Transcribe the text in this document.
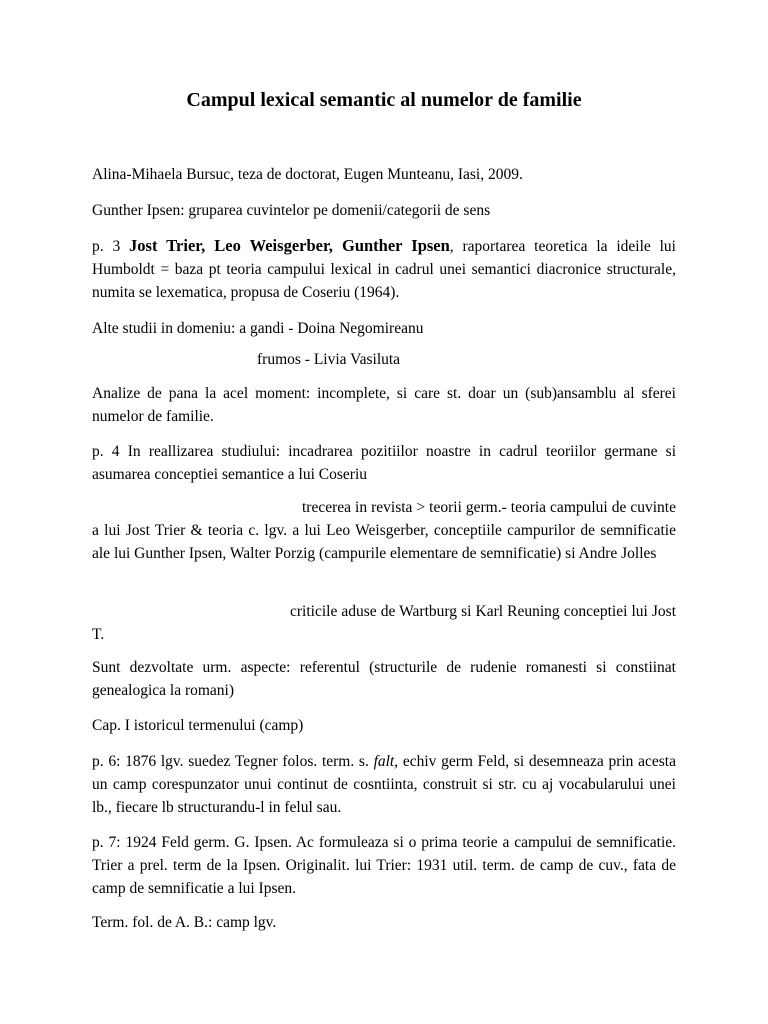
Campul lexical semantic al numelor de familie

Alina-Mihaela Bursuc, teza de doctorat, Eugen Munteanu, Iasi, 2009.

Gunther Ipsen: gruparea cuvintelor pe domenii/categorii de sens

p. 3 Jost Trier, Leo Weisgerber, Gunther Ipsen, raportarea teoretica la ideile lui Humboldt = baza pt teoria campului lexical in cadrul unei semantici diacronice structurale, numita se lexematica, propusa de Coseriu (1964).

Alte studii in domeniu: a gandi - Doina Negomireanu

frumos - Livia Vasiluta

Analize de pana la acel moment: incomplete, si care st. doar un (sub)ansamblu al sferei numelor de familie.

p. 4 In reallizarea studiului: incadrarea pozitiilor noastre in cadrul teoriilor germane si asumarea conceptiei semantice a lui Coseriu

trecerea in revista > teorii germ.- teoria campului de cuvinte a lui Jost Trier & teoria c. lgv. a lui Leo Weisgerber, conceptiile campurilor de semnificatie ale lui Gunther Ipsen, Walter Porzig (campurile elementare de semnificatie) si Andre Jolles

criticile aduse de Wartburg si Karl Reuning conceptiei lui Jost T.

Sunt dezvoltate urm. aspecte: referentul (structurile de rudenie romanesti si constiinat genealogica la romani)

Cap. I istoricul termenului (camp)

p. 6: 1876 lgv. suedez Tegner folos. term. s. falt, echiv germ Feld, si desemneaza prin acesta un camp corespunzator unui continut de cosntiinta, construit si str. cu aj vocabularului unei lb., fiecare lb structurandu-l in felul sau.

p. 7: 1924 Feld germ. G. Ipsen. Ac formuleaza si o prima teorie a campului de semnificatie. Trier a prel. term de la Ipsen. Originalit. lui Trier: 1931 util. term. de camp de cuv., fata de camp de semnificatie a lui Ipsen.

Term. fol. de A. B.: camp lgv.
